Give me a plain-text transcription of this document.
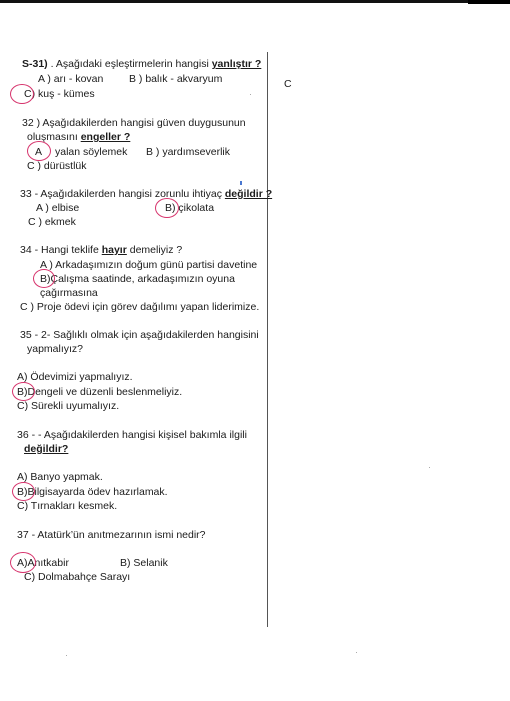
C
S-31) . Aşağıdaki eşleştirmelerin hangisi yanlıştır ?
A ) arı - kovan B ) balık - akvaryum
C) kuş - kümes
32 ) Aşağıdakilerden hangisi güven duygusunun
oluşmasını engeller ?
A yalan söylemek B ) yardımseverlik
C ) dürüstlük
33 - Aşağıdakilerden hangisi zorunlu ihtiyaç değildir ?
A ) elbise	B) çikolata
C ) ekmek
34 - Hangi teklife hayır demeliyiz ?
A ) Arkadaşımızın doğum günü partisi davetine
B)Çalışma saatinde, arkadaşımızın oyuna
çağırmasına
C ) Proje ödevi için görev dağılımı yapan liderimize.
35 - 2- Sağlıklı olmak için aşağıdakilerden hangisini
yapmalıyız?
A) Ödevimizi yapmalıyız.
B)Dengeli ve düzenli beslenmeliyiz.
C) Sürekli uyumalıyız.
36 - - Aşağıdakilerden hangisi kişisel bakımla ilgili
değildir?
A) Banyo yapmak.
B)Bilgisayarda ödev hazırlamak.
C) Tırnakları kesmek.
37 - Atatürk’ün anıtmezarının ismi nedir?
A)Anıtkabir	B) Selanik
C) Dolmabahçe Sarayı
